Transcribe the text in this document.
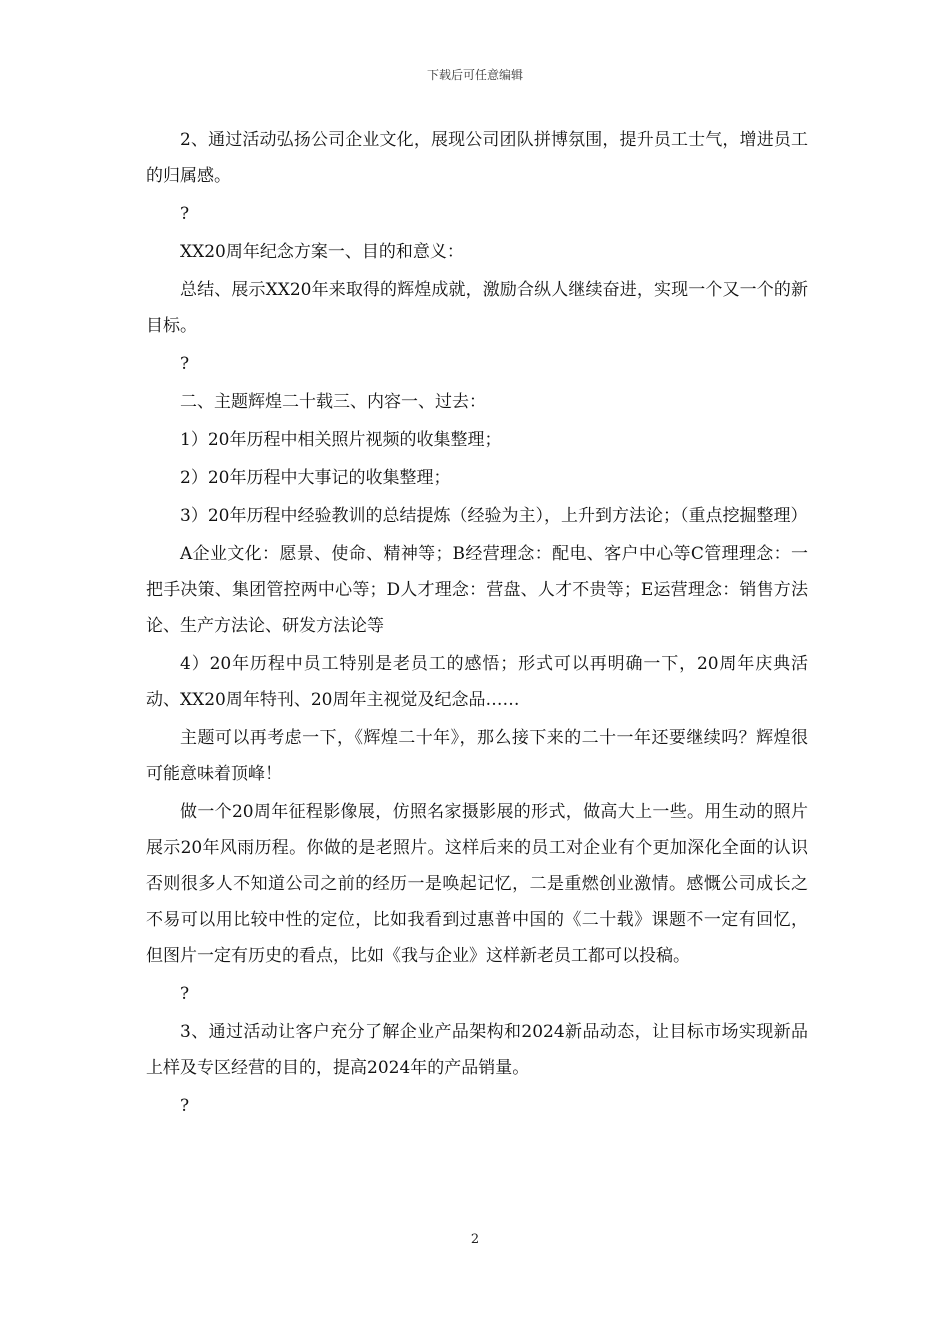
下载后可任意编辑

2、通过活动弘扬公司企业文化，展现公司团队拼博氛围，提升员工士气，增进员工的归属感。

?

XX20周年纪念方案一、目的和意义：

总结、展示XX20年来取得的辉煌成就，激励合纵人继续奋进，实现一个又一个的新目标。

?

二、主题辉煌二十载三、内容一、过去：

1）20年历程中相关照片视频的收集整理；

2）20年历程中大事记的收集整理；

3）20年历程中经验教训的总结提炼（经验为主），上升到方法论；（重点挖掘整理）

A企业文化：愿景、使命、精神等；B经营理念：配电、客户中心等C管理理念：一把手决策、集团管控两中心等；D人才理念：营盘、人才不贵等；E运营理念：销售方法论、生产方法论、研发方法论等

4）20年历程中员工特别是老员工的感悟；形式可以再明确一下，20周年庆典活动、XX20周年特刊、20周年主视觉及纪念品……

主题可以再考虑一下，《辉煌二十年》，那么接下来的二十一年还要继续吗？辉煌很可能意味着顶峰！

做一个20周年征程影像展，仿照名家摄影展的形式，做高大上一些。用生动的照片展示20年风雨历程。你做的是老照片。这样后来的员工对企业有个更加深化全面的认识否则很多人不知道公司之前的经历一是唤起记忆，二是重燃创业激情。感慨公司成长之不易可以用比较中性的定位，比如我看到过惠普中国的《二十载》课题不一定有回忆，但图片一定有历史的看点，比如《我与企业》这样新老员工都可以投稿。

?

3、通过活动让客户充分了解企业产品架构和2024新品动态，让目标市场实现新品上样及专区经营的目的，提高2024年的产品销量。

?

2
